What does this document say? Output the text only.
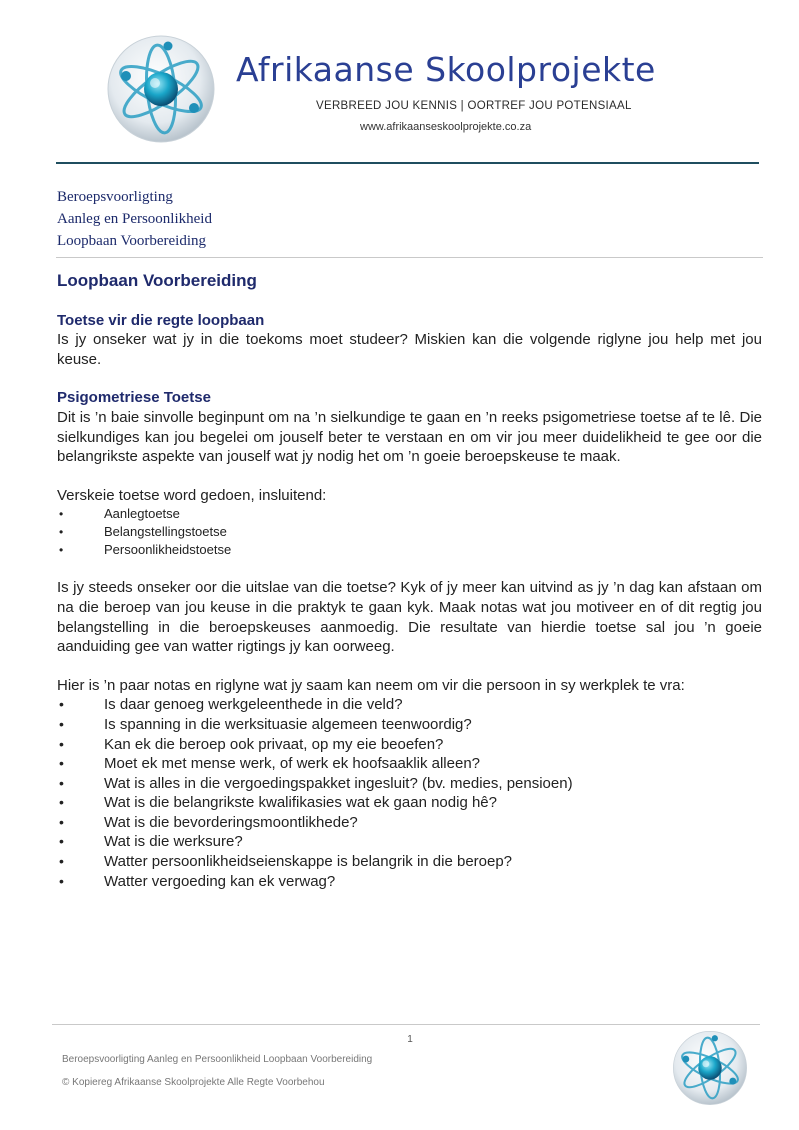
Afrikaanse Skoolprojekte
VERBREED JOU KENNIS | OORTREF JOU POTENSIAAL
www.afrikaanseskoolprojekte.co.za
Beroepsvoorligting
Aanleg en Persoonlikheid
Loopbaan Voorbereiding
Loopbaan Voorbereiding
Toetse vir die regte loopbaan

Is jy onseker wat jy in die toekoms moet studeer? Miskien kan die volgende riglyne jou help met jou keuse.

Psigometriese Toetse

Dit is ’n baie sinvolle beginpunt om na ’n sielkundige te gaan en ’n reeks psigometriese toetse af te lê. Die sielkundiges kan jou begelei om jouself beter te verstaan en om vir jou meer duidelikheid te gee oor die belangrikste aspekte van jouself wat jy nodig het om ’n goeie beroepskeuse te maak.

Verskeie toetse word gedoen, insluitend:

• Aanlegtoetse
• Belangstellingstoetse
• Persoonlikheidstoetse

Is jy steeds onseker oor die uitslae van die toetse? Kyk of jy meer kan uitvind as jy ’n dag kan afstaan om na die beroep van jou keuse in die praktyk te gaan kyk. Maak notas wat jou motiveer en of dit regtig jou belangstelling in die beroepskeuses aanmoedig. Die resultate van hierdie toetse sal jou ’n goeie aanduiding gee van watter rigtings jy kan oorweeg.

Hier is ’n paar notas en riglyne wat jy saam kan neem om vir die persoon in sy werkplek te vra:

• Is daar genoeg werkgeleenthede in die veld?
• Is spanning in die werksituasie algemeen teenwoordig?
• Kan ek die beroep ook privaat, op my eie beoefen?
• Moet ek met mense werk, of werk ek hoofsaaklik alleen?
• Wat is alles in die vergoedingspakket ingesluit? (bv. medies, pensioen)
• Wat is die belangrikste kwalifikasies wat ek gaan nodig hê?
• Wat is die bevorderingsmoontlikhede?
• Wat is die werksure?
• Watter persoonlikheidseienskappe is belangrik in die beroep?
• Watter vergoeding kan ek verwag?
1
Beroepsvoorligting Aanleg en Persoonlikheid Loopbaan Voorbereiding
© Kopiereg Afrikaanse Skoolprojekte Alle Regte Voorbehou
